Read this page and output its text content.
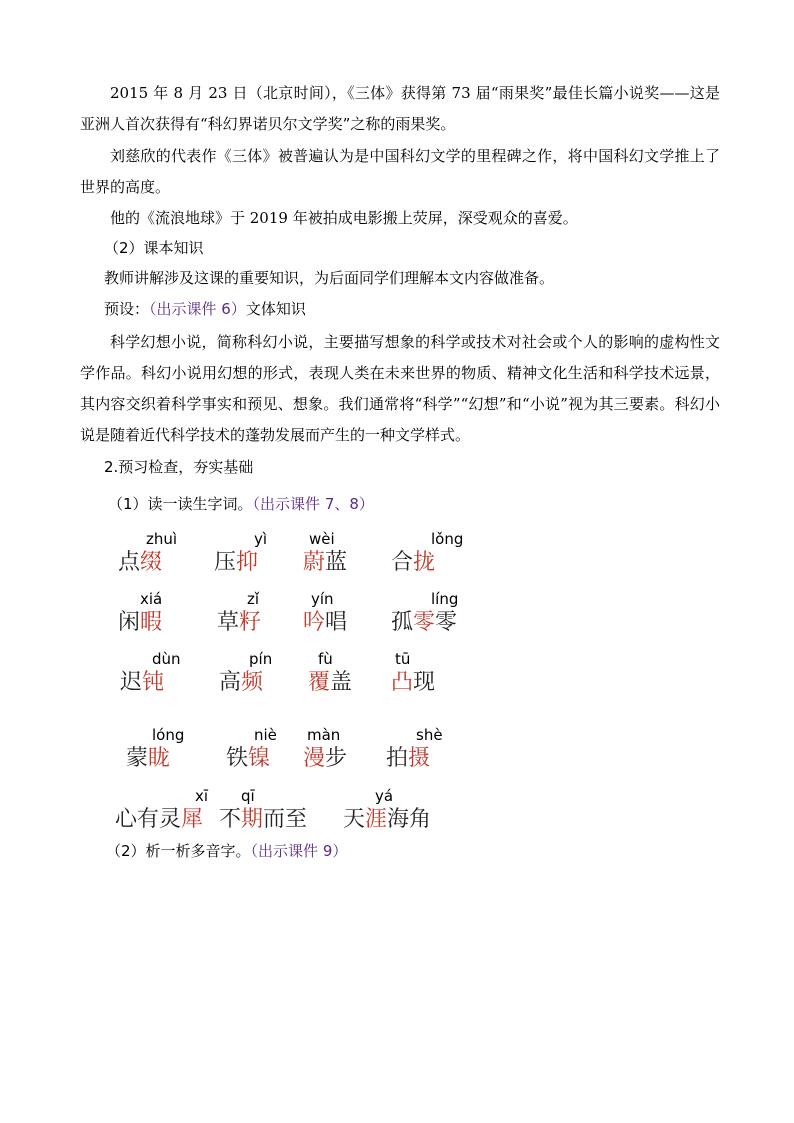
2015 年 8 月 23 日（北京时间），《三体》获得第 73 届“雨果奖”最佳长篇小说奖——这是亚洲人首次获得有“科幻界诺贝尔文学奖”之称的雨果奖。

刘慈欣的代表作《三体》被普遍认为是中国科幻文学的里程碑之作，将中国科幻文学推上了世界的高度。

他的《流浪地球》于 2019 年被拍成电影搬上荧屏，深受观众的喜爱。

（2）课本知识

教师讲解涉及这课的重要知识，为后面同学们理解本文内容做准备。

预设：（出示课件 6）文体知识

科学幻想小说，简称科幻小说，主要描写想象的科学或技术对社会或个人的影响的虚构性文学作品。科幻小说用幻想的形式，表现人类在未来世界的物质、精神文化生活和科学技术远景，其内容交织着科学事实和预见、想象。我们通常将“科学”“幻想”和“小说”视为其三要素。科幻小说是随着近代科学技术的蓬勃发展而产生的一种文学样式。

2.预习检查，夯实基础

（1）读一读生字词。（出示课件 7、8）

zhuì
点缀
yì
压抑
wèi
蔚蓝
lǒng
合拢
xiá
闲暇
zǐ
草籽
yín
吟唱
líng
孤零零
dùn
迟钝
pín
高频
fù
覆盖
tū
凸现
lóng
蒙眬
niè
铁镍
màn
漫步
shè
拍摄
xī
心有灵犀
qī
不期而至
yá
天涯海角

（2）析一析多音字。（出示课件 9）
